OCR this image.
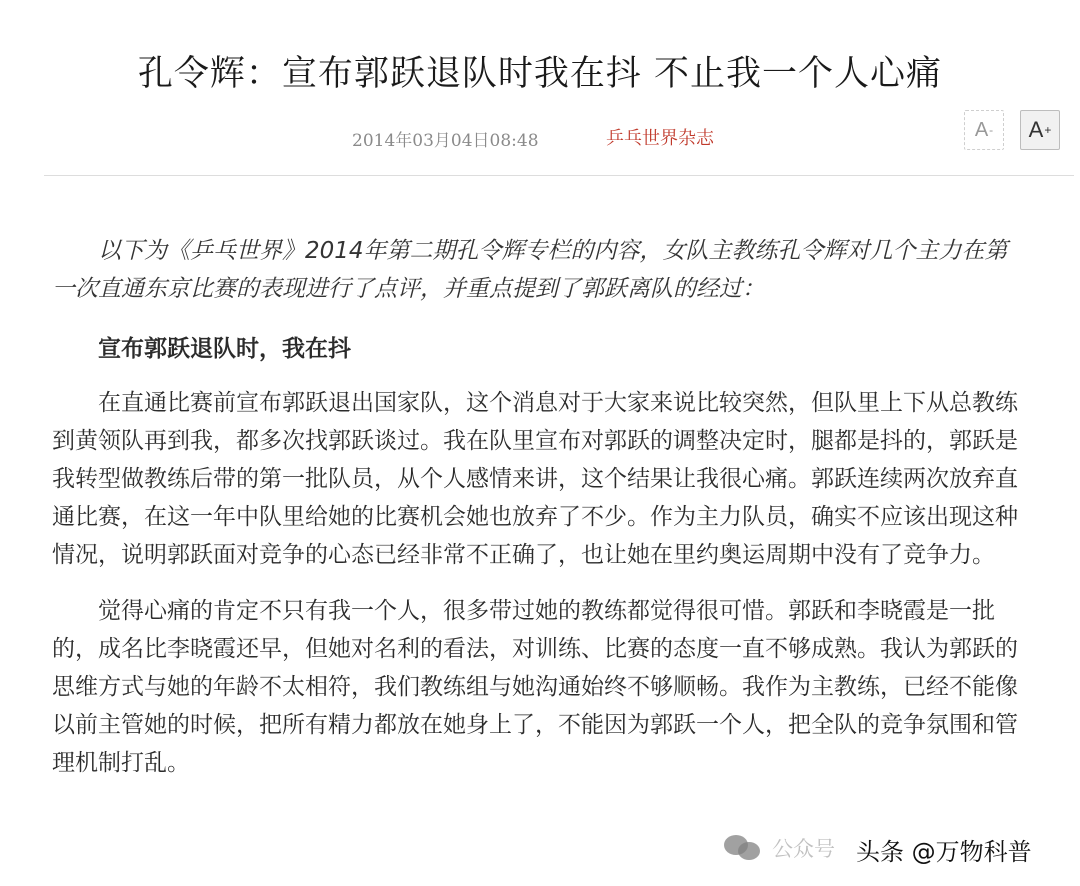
孔令辉：宣布郭跃退队时我在抖 不止我一个人心痛
2014年03月04日08:48	乒乓世界杂志	A - A +

以下为《乒乓世界》2014年第二期孔令辉专栏的内容，女队主教练孔令辉对几个主力在第一次直通东京比赛的表现进行了点评，并重点提到了郭跃离队的经过：

宣布郭跃退队时，我在抖

在直通比赛前宣布郭跃退出国家队，这个消息对于大家来说比较突然，但队里上下从总教练到黄领队再到我，都多次找郭跃谈过。我在队里宣布对郭跃的调整决定时，腿都是抖的，郭跃是我转型做教练后带的第一批队员，从个人感情来讲，这个结果让我很心痛。郭跃连续两次放弃直通比赛，在这一年中队里给她的比赛机会她也放弃了不少。作为主力队员，确实不应该出现这种情况，说明郭跃面对竞争的心态已经非常不正确了，也让她在里约奥运周期中没有了竞争力。

觉得心痛的肯定不只有我一个人，很多带过她的教练都觉得很可惜。郭跃和李晓霞是一批的，成名比李晓霞还早，但她对名利的看法，对训练、比赛的态度一直不够成熟。我认为郭跃的思维方式与她的年龄不太相符，我们教练组与她沟通始终不够顺畅。我作为主教练，已经不能像以前主管她的时候，把所有精力都放在她身上了，不能因为郭跃一个人，把全队的竞争氛围和管理机制打乱。

公众号 头条 @万物科普
